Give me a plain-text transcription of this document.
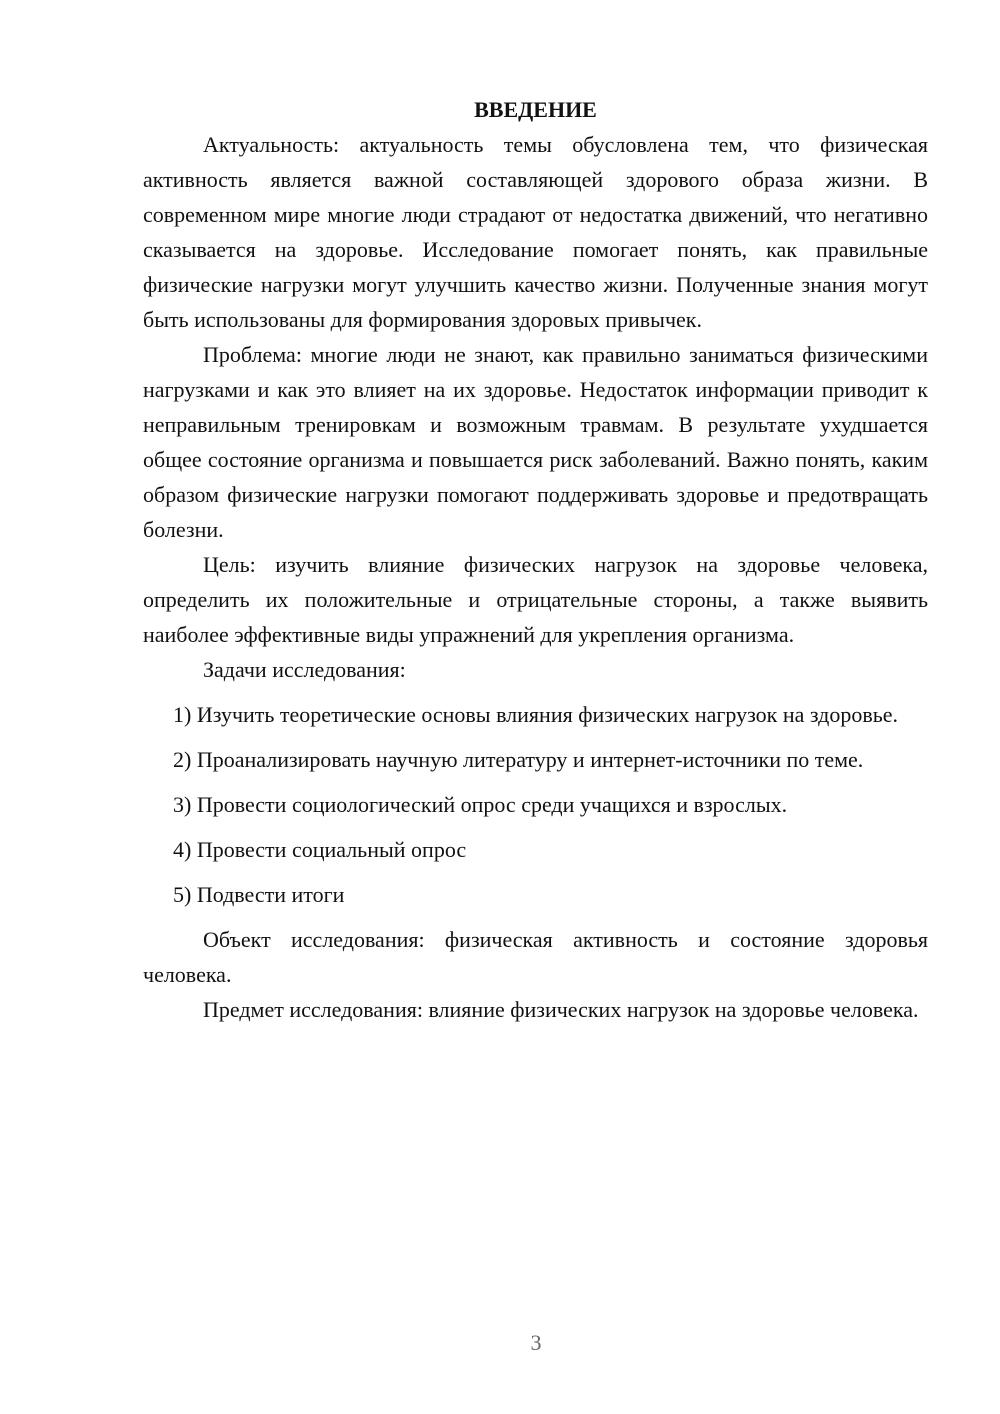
ВВЕДЕНИЕ

Актуальность: актуальность темы обусловлена тем, что физическая активность является важной составляющей здорового образа жизни. В современном мире многие люди страдают от недостатка движений, что негативно сказывается на здоровье. Исследование помогает понять, как правильные физические нагрузки могут улучшить качество жизни. Полученные знания могут быть использованы для формирования здоровых привычек.

Проблема: многие люди не знают, как правильно заниматься физическими нагрузками и как это влияет на их здоровье. Недостаток информации приводит к неправильным тренировкам и возможным травмам. В результате ухудшается общее состояние организма и повышается риск заболеваний. Важно понять, каким образом физические нагрузки помогают поддерживать здоровье и предотвращать болезни.

Цель: изучить влияние физических нагрузок на здоровье человека, определить их положительные и отрицательные стороны, а также выявить наиболее эффективные виды упражнений для укрепления организма.

Задачи исследования:

1) Изучить теоретические основы влияния физических нагрузок на здоровье.

2) Проанализировать научную литературу и интернет-источники по теме.

3) Провести социологический опрос среди учащихся и взрослых.

4) Провести социальный опрос

5) Подвести итоги

Объект исследования: физическая активность и состояние здоровья человека.

Предмет исследования: влияние физических нагрузок на здоровье человека.

3
